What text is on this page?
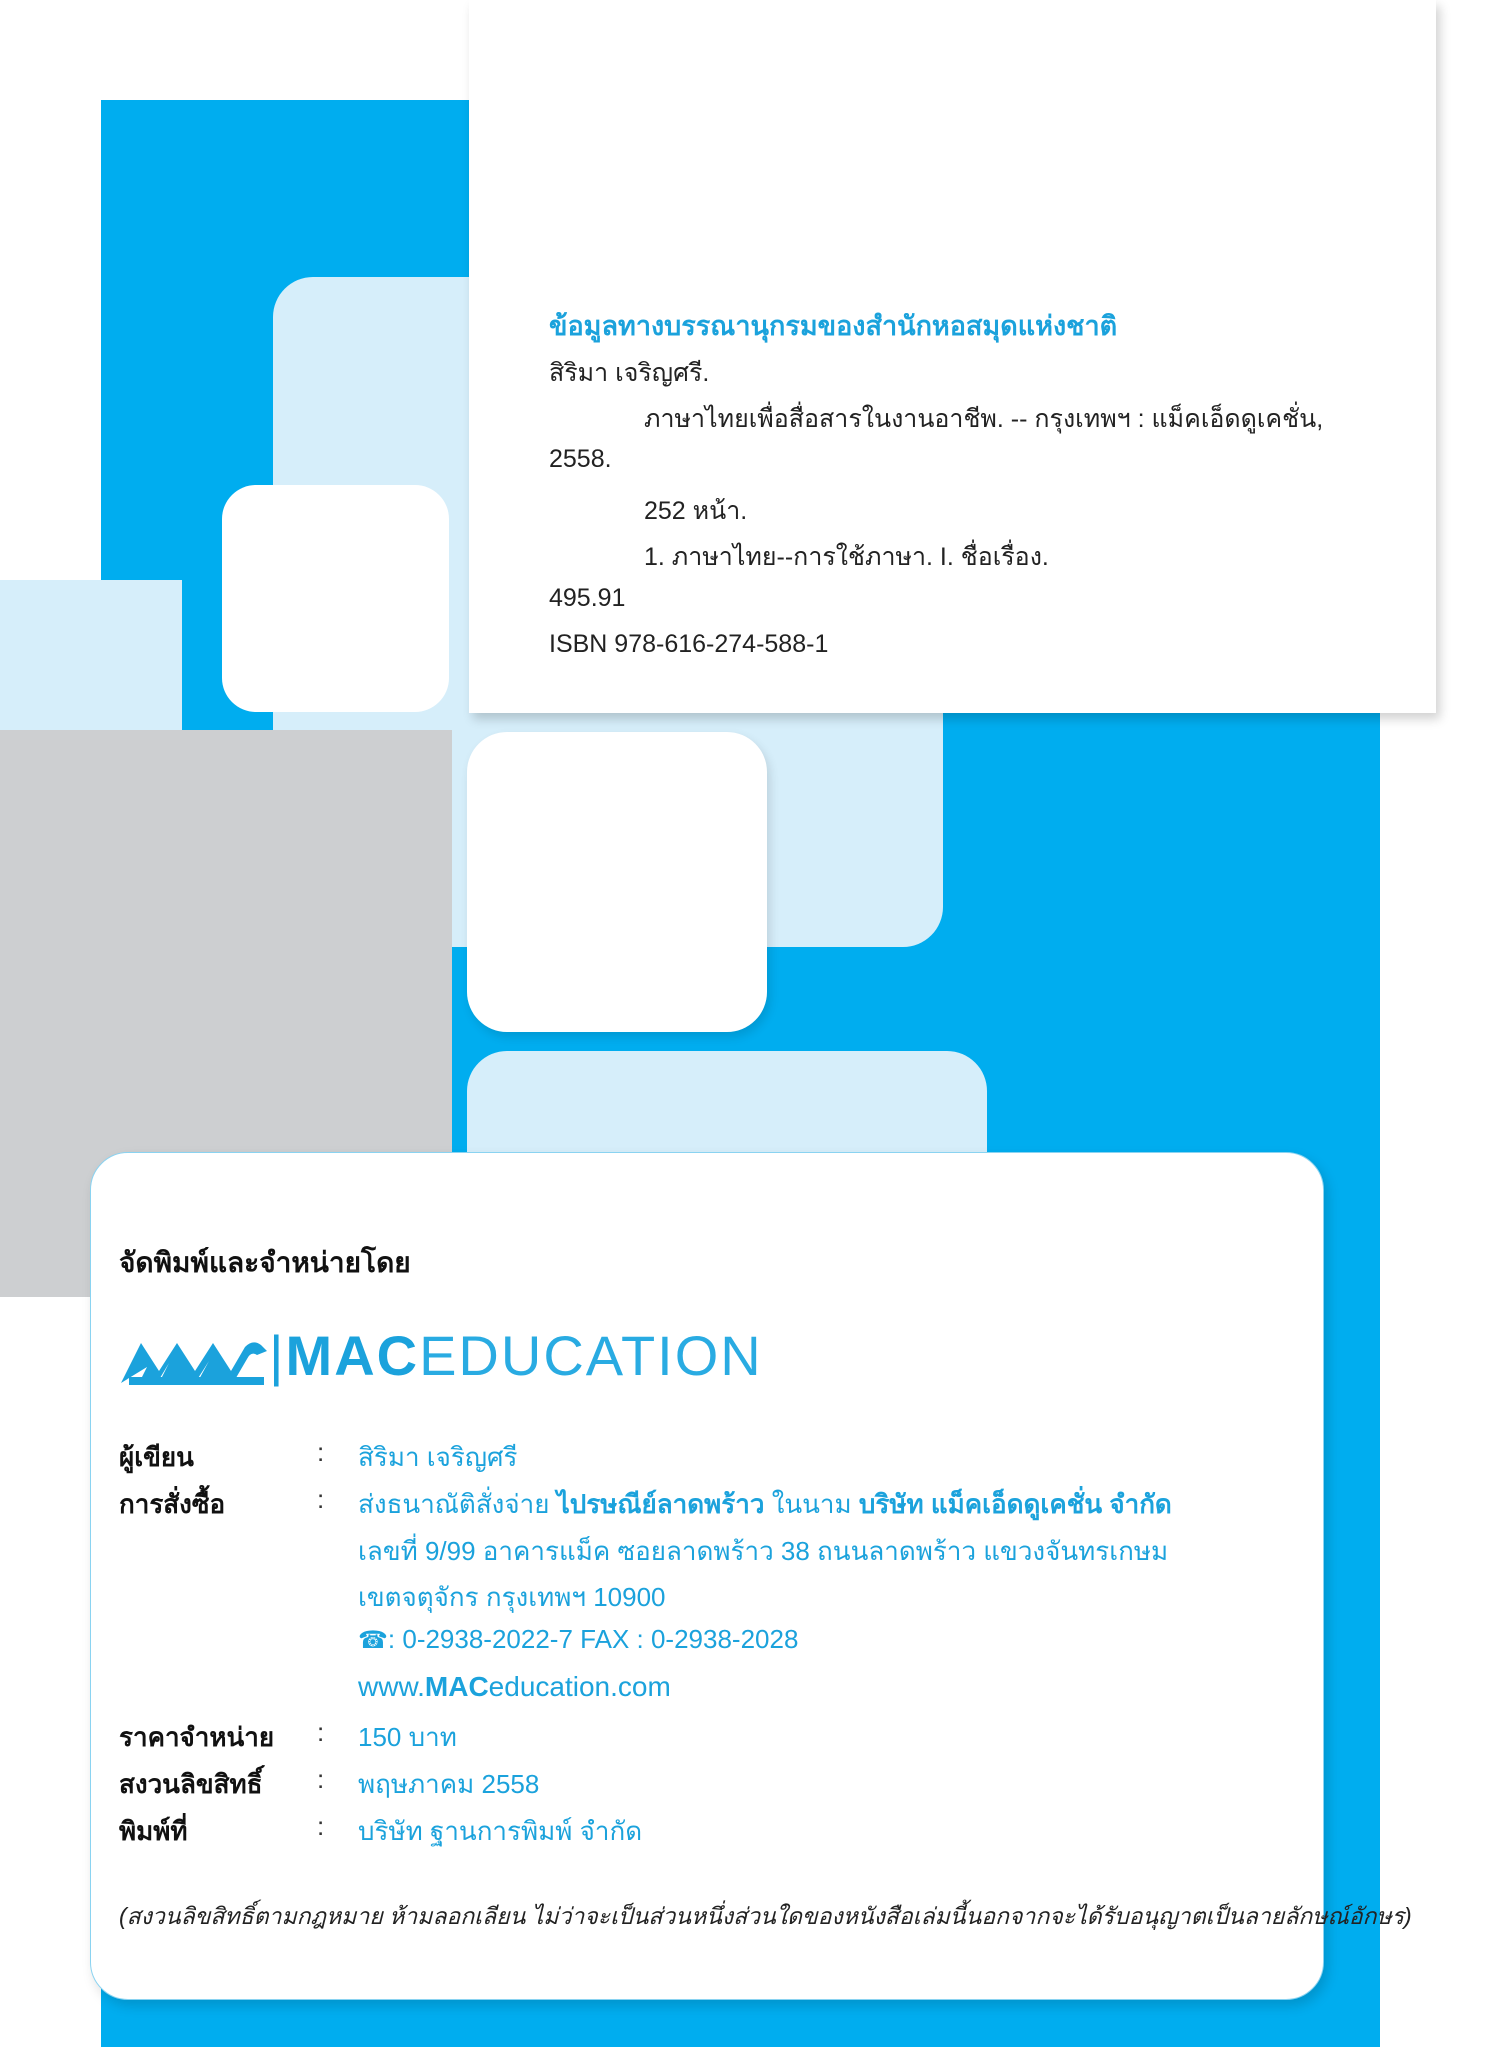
ข้อมูลทางบรรณานุกรมของสำนักหอสมุดแห่งชาติ
สิริมา เจริญศรี.
ภาษาไทยเพื่อสื่อสารในงานอาชีพ. -- กรุงเทพฯ : แม็คเอ็ดดูเคชั่น,
2558.
252 หน้า.
1. ภาษาไทย--การใช้ภาษา. I. ชื่อเรื่อง.
495.91
ISBN 978-616-274-588-1
จัดพิมพ์และจำหน่ายโดย
|MACEDUCATION
ผู้เขียน	: สิริมา เจริญศรี
การสั่งซื้อ	: ส่งธนาณัติสั่งจ่าย ไปรษณีย์ลาดพร้าว ในนาม บริษัท แม็คเอ็ดดูเคชั่น จำกัด
เลขที่ 9/99 อาคารแม็ค ซอยลาดพร้าว 38 ถนนลาดพร้าว แขวงจันทรเกษม
เขตจตุจักร กรุงเทพฯ 10900
☎: 0-2938-2022-7 FAX : 0-2938-2028
www.MACeducation.com
ราคาจำหน่าย : 150 บาท
สงวนลิขสิทธิ์ : พฤษภาคม 2558
พิมพ์ที่	: บริษัท ฐานการพิมพ์ จำกัด
(สงวนลิขสิทธิ์ตามกฎหมาย ห้ามลอกเลียน ไม่ว่าจะเป็นส่วนหนึ่งส่วนใดของหนังสือเล่มนี้นอกจากจะได้รับอนุญาตเป็นลายลักษณ์อักษร)
